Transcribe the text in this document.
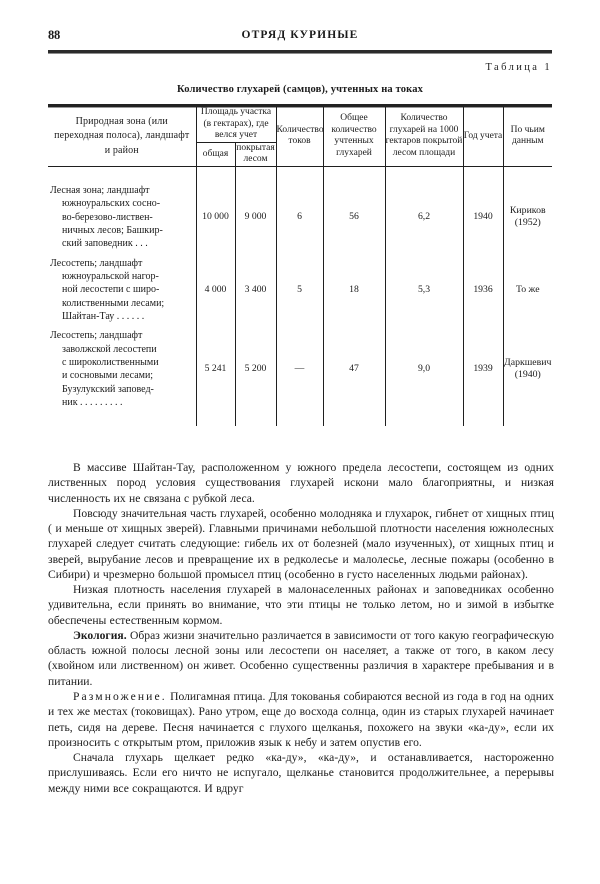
88	ОТРЯД КУРИНЫЕ
Таблица 1
Количество глухарей (самцов), учтенных на токах
Природная зона (или переходная полоса), ландшафт и район	Площадь участка (в гектарах), где велся учет		Количество токов	Общее количество учтенных глухарей	Количество глухарей на 1000 гектаров покрытой лесом площади	Год учета	По чьим данным
	общая	покрытая лесом					

Лесная зона; ландшафт
южноуральских сосно-
во-березово-листвен-
ничных лесов; Башкир-
ский заповедник . . .	10 000	9 000	6	56	6,2	1940	Кириков
(1952)

Лесостепь; ландшафт
южноуральской нагор-
ной лесостепи с широ-
колиственными лесами;
Шайтан-Тау . . . . . .	4 000	3 400	5	18	5,3	1936	То же

Лесостепь; ландшафт
заволжской лесостепи
с широколиственными
и сосновыми лесами;
Бузулукский заповед-
ник . . . . . . . . .
	5 241	5 200	—	47	9,0	1939	Даркшевич
(1940)

В массиве Шайтан-Тау, расположенном у южного предела лесостепи, состоящем из одних лиственных пород условия существования глухарей искони мало благоприятны, и низкая численность их не связана с рубкой леса.

Повсюду значительная часть глухарей, особенно молодняка и глухарок, гибнет от хищных птиц ( и меньше от хищных зверей). Главными причинами небольшой плотности населения южнолесных глухарей следует считать следующие: гибель их от болезней (мало изученных), от хищных птиц и зверей, вырубание лесов и превращение их в редколесье и малолесье, лесные пожары (особенно в Сибири) и чрезмерно большой промысел птиц (особенно в густо населенных людьми районах).

Низкая плотность населения глухарей в малонаселенных районах и заповедниках особенно удивительна, если принять во внимание, что эти птицы не только летом, но и зимой в избытке обеспечены естественным кормом.

Экология. Образ жизни значительно различается в зависимости от того какую географическую область южной полосы лесной зоны или лесостепи он населяет, а также от того, в каком лесу (хвойном или лиственном) он живет. Особенно существенны различия в характере пребывания и в питании.

Размножение. Полигамная птица. Для токованья собираются весной из года в год на одних и тех же местах (токовищах). Рано утром, еще до восхода солнца, один из старых глухарей начинает петь, сидя на дереве. Песня начинается с глухого щелканья, похожего на звуки «ка-ду», если их произносить с открытым ртом, приложив язык к небу и затем опустив его.

Сначала глухарь щелкает редко «ка-ду», «ка-ду», и останавливается, настороженно прислушиваясь. Если его ничто не испугало, щелканье становится продолжительнее, а перерывы между ними все сокращаются. И вдруг
